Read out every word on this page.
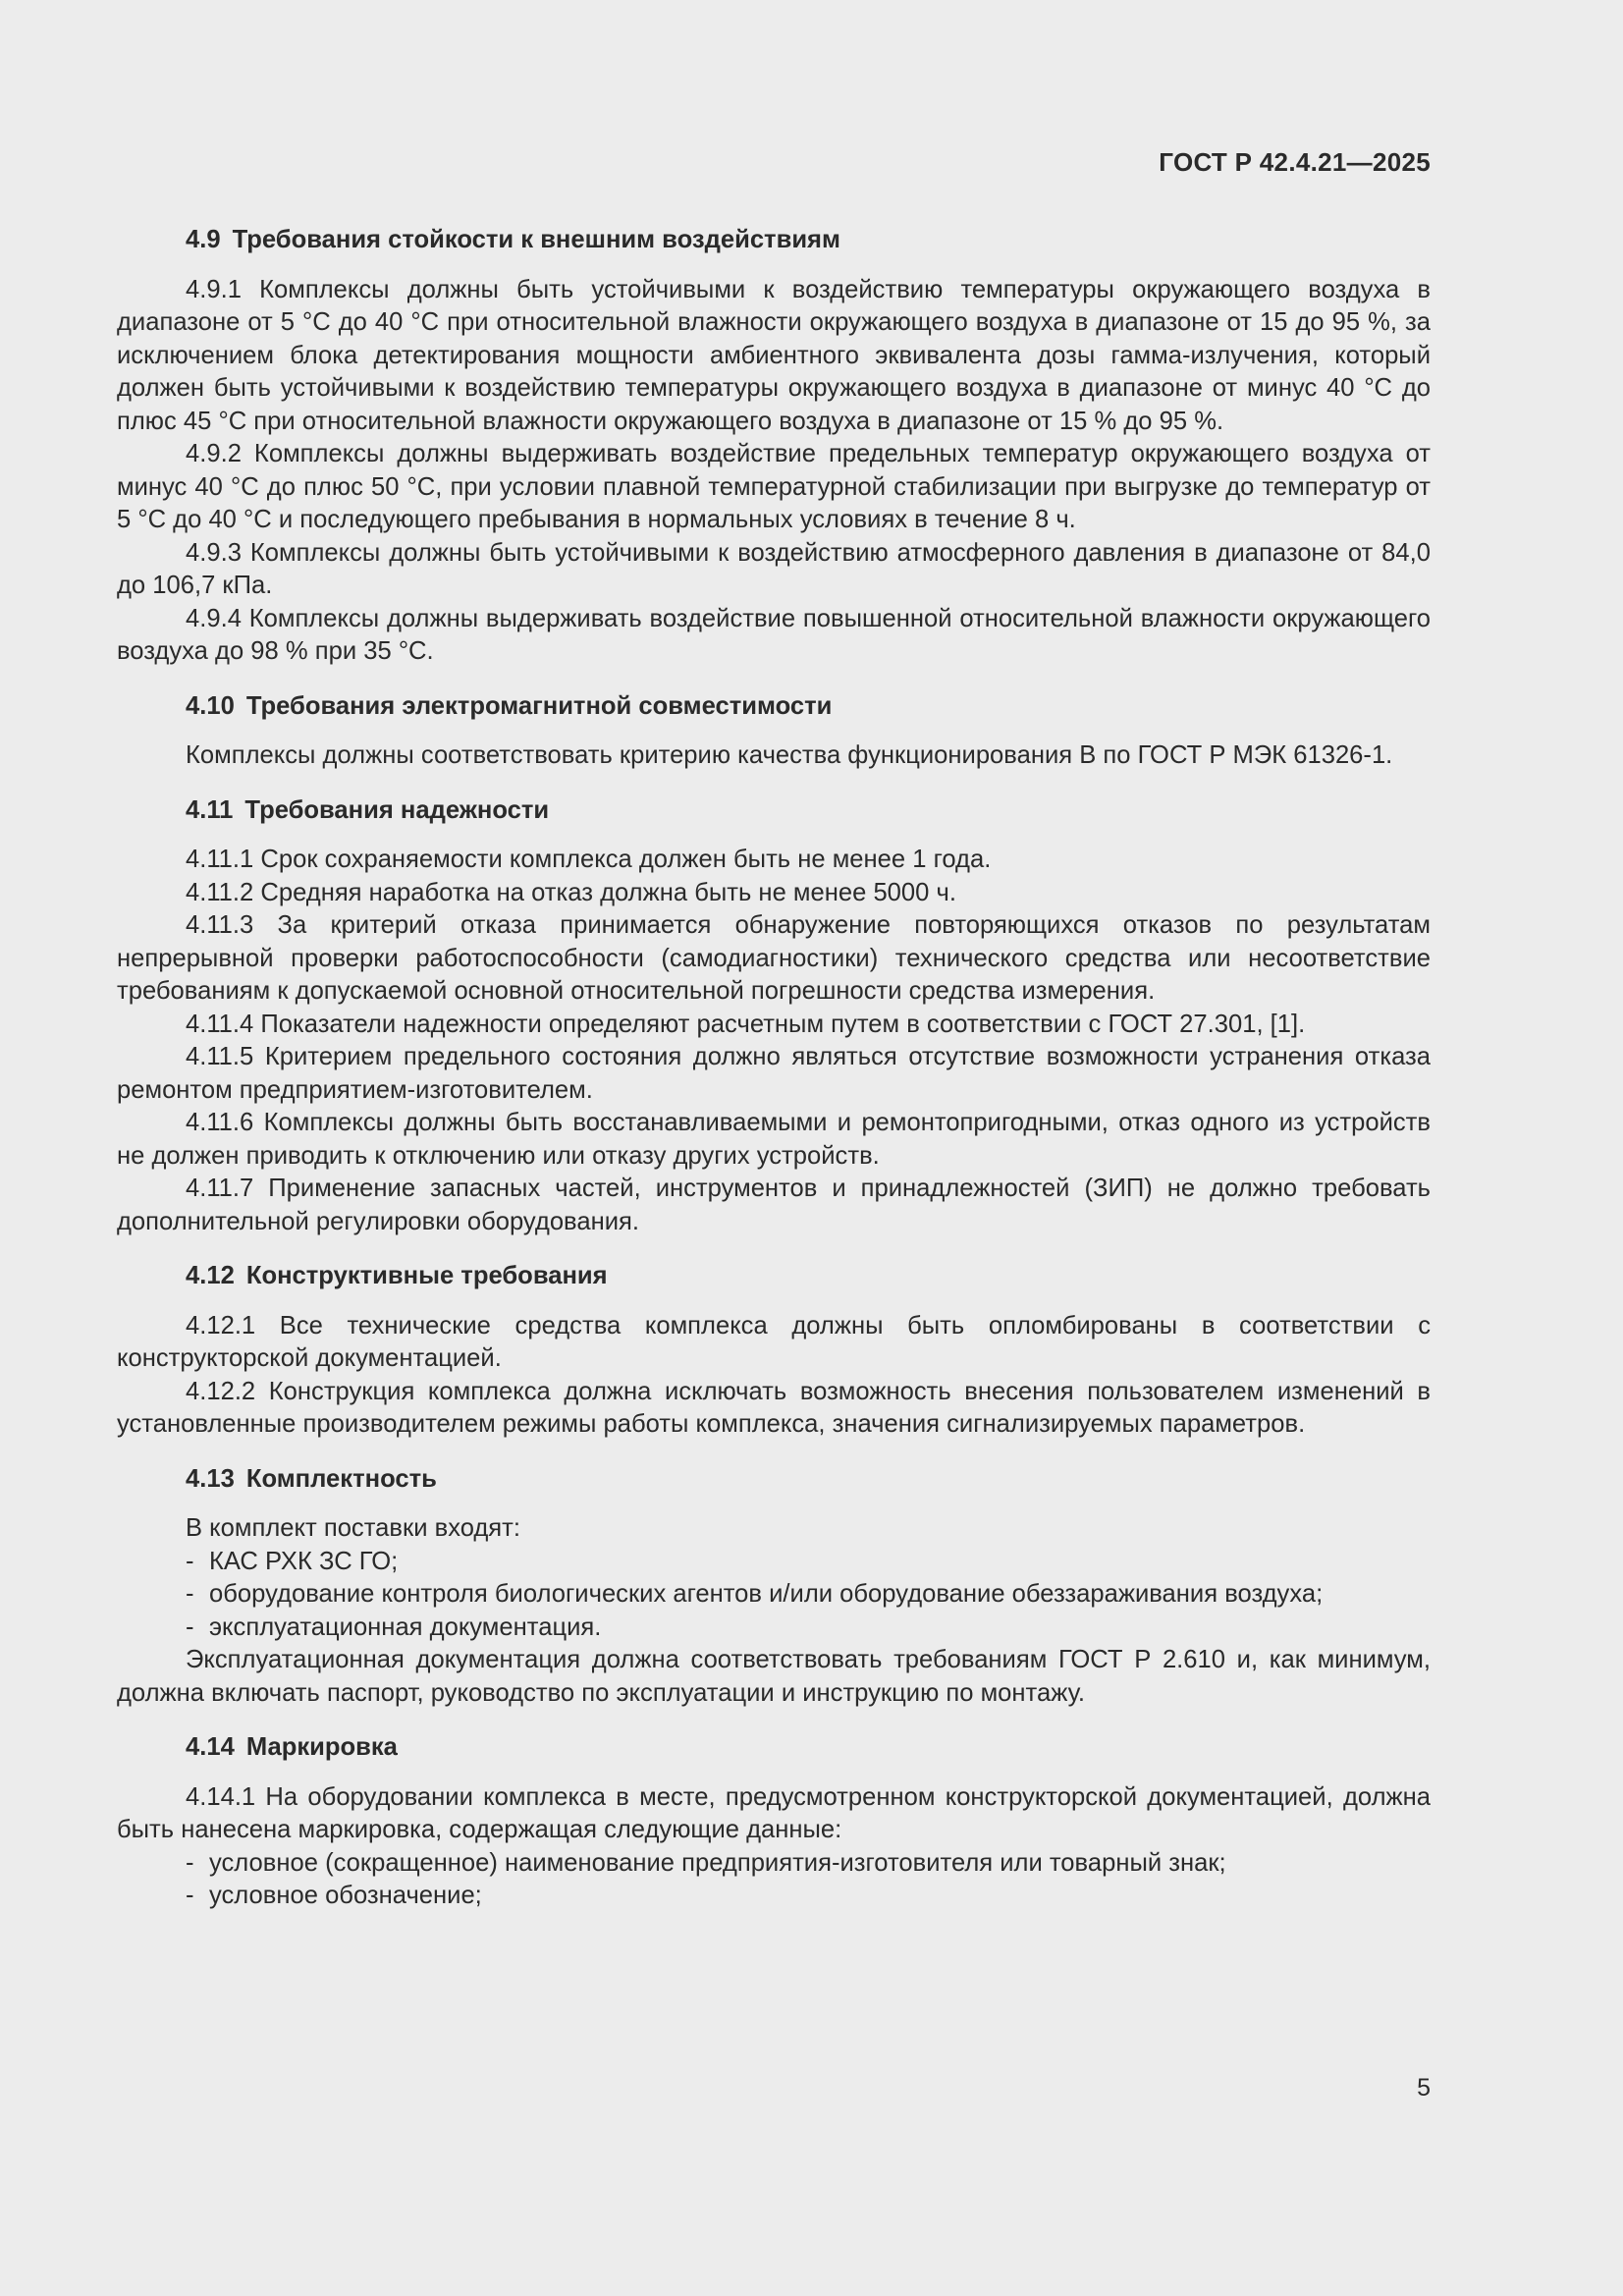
ГОСТ Р 42.4.21—2025
4.9 Требования стойкости к внешним воздействиям

4.9.1 Комплексы должны быть устойчивыми к воздействию температуры окружающего воздуха в диапазоне от 5 °С до 40 °С при относительной влажности окружающего воздуха в диапазоне от 15 до 95 %, за исключением блока детектирования мощности амбиентного эквивалента дозы гамма-излучения, который должен быть устойчивыми к воздействию температуры окружающего воздуха в диапазоне от минус 40 °С до плюс 45 °С при относительной влажности окружающего воздуха в диапазоне от 15 % до 95 %.

4.9.2 Комплексы должны выдерживать воздействие предельных температур окружающего воздуха от минус 40 °С до плюс 50 °С, при условии плавной температурной стабилизации при выгрузке до температур от 5 °С до 40 °С и последующего пребывания в нормальных условиях в течение 8 ч.

4.9.3 Комплексы должны быть устойчивыми к воздействию атмосферного давления в диапазоне от 84,0 до 106,7 кПа.

4.9.4 Комплексы должны выдерживать воздействие повышенной относительной влажности окружающего воздуха до 98 % при 35 °С.

4.10 Требования электромагнитной совместимости

Комплексы должны соответствовать критерию качества функционирования В по ГОСТ Р МЭК 61326-1.

4.11 Требования надежности

4.11.1 Срок сохраняемости комплекса должен быть не менее 1 года.

4.11.2 Средняя наработка на отказ должна быть не менее 5000 ч.

4.11.3 За критерий отказа принимается обнаружение повторяющихся отказов по результатам непрерывной проверки работоспособности (самодиагностики) технического средства или несоответствие требованиям к допускаемой основной относительной погрешности средства измерения.

4.11.4 Показатели надежности определяют расчетным путем в соответствии с ГОСТ 27.301, [1].

4.11.5 Критерием предельного состояния должно являться отсутствие возможности устранения отказа ремонтом предприятием-изготовителем.

4.11.6 Комплексы должны быть восстанавливаемыми и ремонтопригодными, отказ одного из устройств не должен приводить к отключению или отказу других устройств.

4.11.7 Применение запасных частей, инструментов и принадлежностей (ЗИП) не должно требовать дополнительной регулировки оборудования.

4.12 Конструктивные требования

4.12.1 Все технические средства комплекса должны быть опломбированы в соответствии с конструкторской документацией.

4.12.2 Конструкция комплекса должна исключать возможность внесения пользователем изменений в установленные производителем режимы работы комплекса, значения сигнализируемых параметров.

4.13 Комплектность
В комплект поставки входят:
- КАС РХК ЗС ГО;
- оборудование контроля биологических агентов и/или оборудование обеззараживания воздуха;
- эксплуатационная документация.

Эксплуатационная документация должна соответствовать требованиям ГОСТ Р 2.610 и, как минимум, должна включать паспорт, руководство по эксплуатации и инструкцию по монтажу.

4.14 Маркировка

4.14.1 На оборудовании комплекса в месте, предусмотренном конструкторской документацией, должна быть нанесена маркировка, содержащая следующие данные:

- условное (сокращенное) наименование предприятия-изготовителя или товарный знак;
- условное обозначение;
5
